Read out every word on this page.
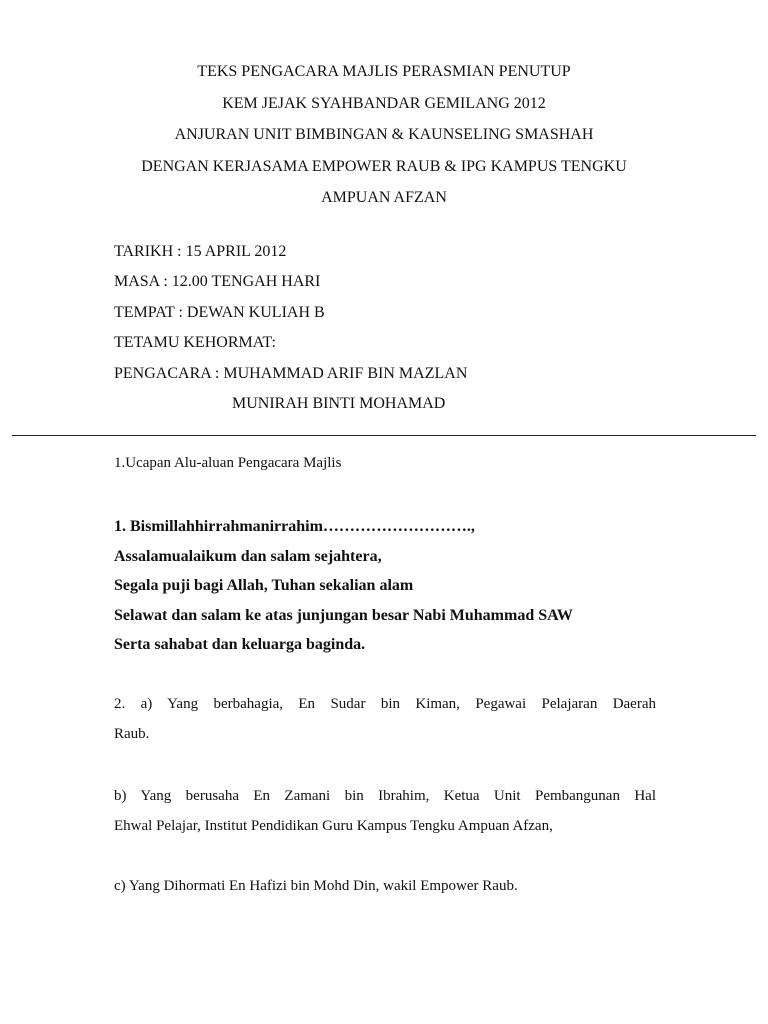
TEKS PENGACARA MAJLIS PERASMIAN PENUTUP
KEM JEJAK SYAHBANDAR GEMILANG 2012
ANJURAN UNIT BIMBINGAN & KAUNSELING SMASHAH
DENGAN KERJASAMA EMPOWER RAUB & IPG KAMPUS TENGKU
AMPUAN AFZAN
TARIKH : 15 APRIL 2012
MASA : 12.00 TENGAH HARI
TEMPAT : DEWAN KULIAH B
TETAMU KEHORMAT:
PENGACARA : MUHAMMAD ARIF BIN MAZLAN
MUNIRAH BINTI MOHAMAD
1.Ucapan Alu-aluan Pengacara Majlis
1. Bismillahhirrahmanirrahim……………………….,
Assalamualaikum dan salam sejahtera,
Segala puji bagi Allah, Tuhan sekalian alam
Selawat dan salam ke atas junjungan besar Nabi Muhammad SAW
Serta sahabat dan keluarga baginda.
2. a) Yang berbahagia, En Sudar bin Kiman, Pegawai Pelajaran Daerah
Raub.
b) Yang berusaha En Zamani bin Ibrahim, Ketua Unit Pembangunan Hal
Ehwal Pelajar, Institut Pendidikan Guru Kampus Tengku Ampuan Afzan,
c) Yang Dihormati En Hafizi bin Mohd Din, wakil Empower Raub.
